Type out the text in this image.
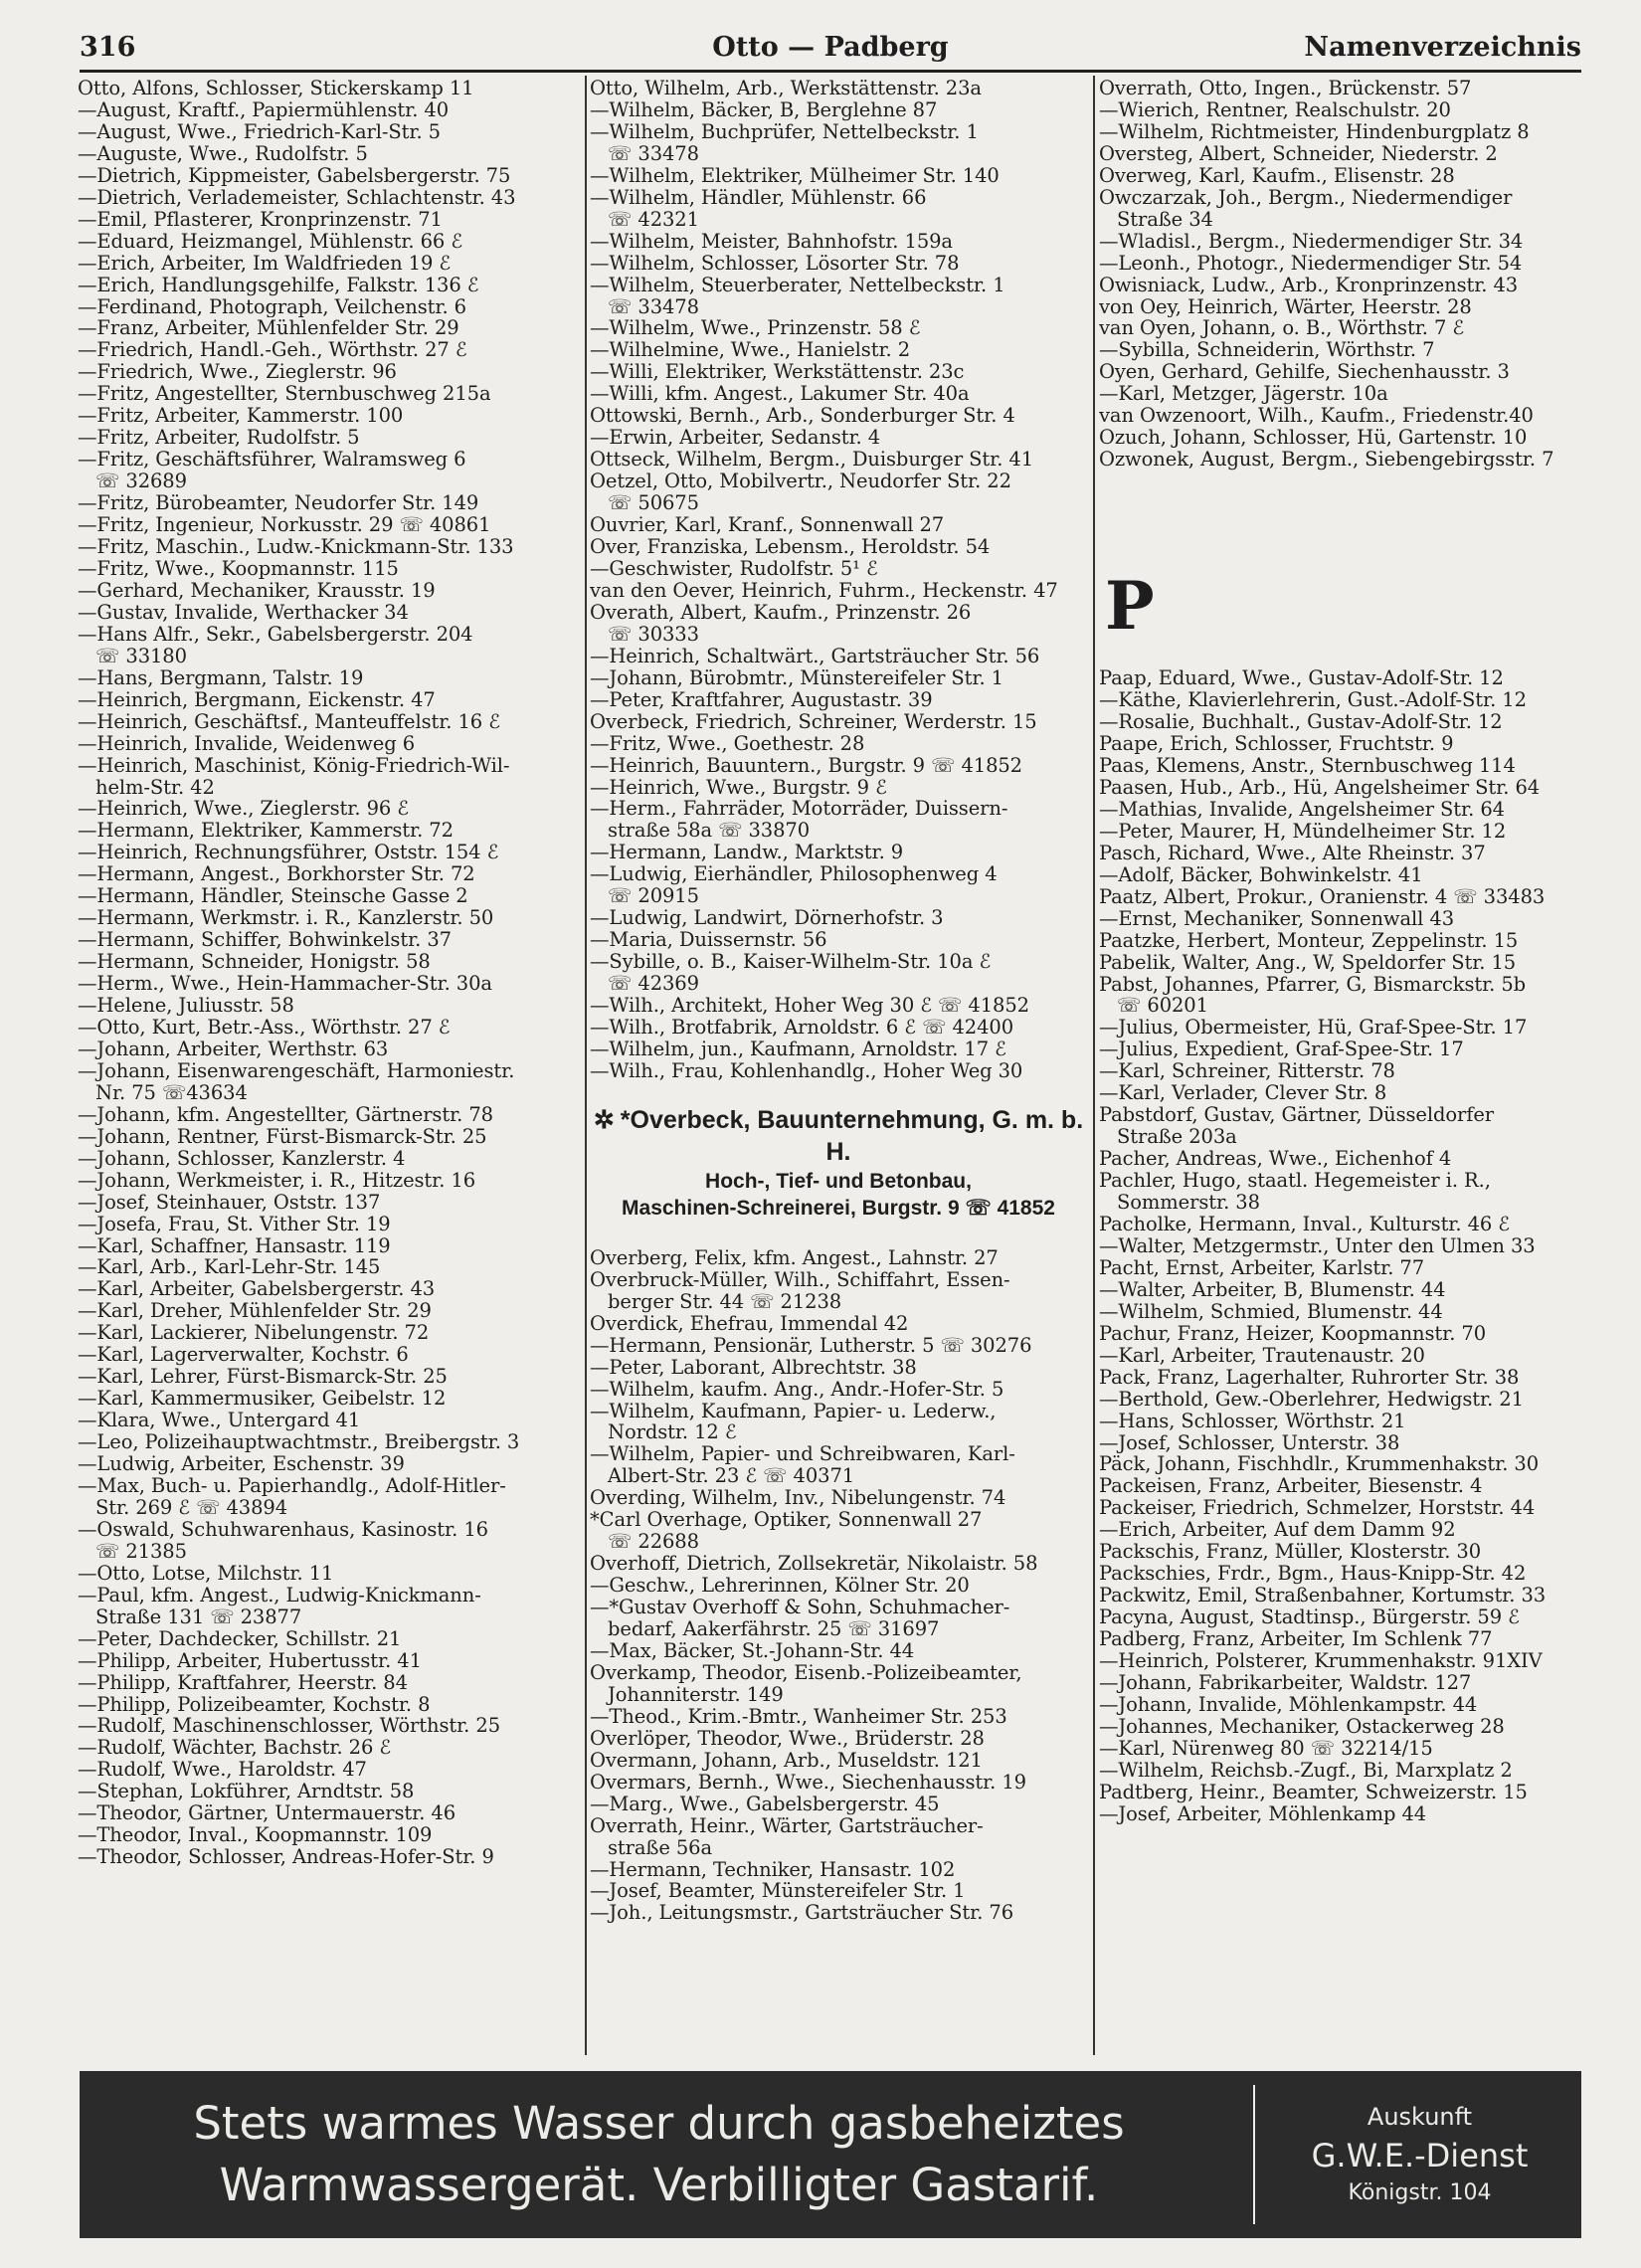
316	Otto — Padberg	Namenverzeichnis
Otto, Alfons, Schlosser, Stickerskamp 11
—August, Kraftf., Papiermühlenstr. 40
—August, Wwe., Friedrich-Karl-Str. 5
—Auguste, Wwe., Rudolfstr. 5
—Dietrich, Kippmeister, Gabelsbergerstr. 75
—Dietrich, Verlademeister, Schlachtenstr. 43
—Emil, Pflasterer, Kronprinzenstr. 71
—Eduard, Heizmangel, Mühlenstr. 66 ℰ
—Erich, Arbeiter, Im Waldfrieden 19 ℰ
—Erich, Handlungsgehilfe, Falkstr. 136 ℰ
—Ferdinand, Photograph, Veilchenstr. 6
—Franz, Arbeiter, Mühlenfelder Str. 29
—Friedrich, Handl.-Geh., Wörthstr. 27 ℰ
—Friedrich, Wwe., Zieglerstr. 96
—Fritz, Angestellter, Sternbuschweg 215a
—Fritz, Arbeiter, Kammerstr. 100
—Fritz, Arbeiter, Rudolfstr. 5
—Fritz, Geschäftsführer, Walramsweg 6
☏ 32689
—Fritz, Bürobeamter, Neudorfer Str. 149
—Fritz, Ingenieur, Norkusstr. 29 ☏ 40861
—Fritz, Maschin., Ludw.-Knickmann-Str. 133
—Fritz, Wwe., Koopmannstr. 115
—Gerhard, Mechaniker, Krausstr. 19
—Gustav, Invalide, Werthacker 34
—Hans Alfr., Sekr., Gabelsbergerstr. 204
☏ 33180
—Hans, Bergmann, Talstr. 19
—Heinrich, Bergmann, Eickenstr. 47
—Heinrich, Geschäftsf., Manteuffelstr. 16 ℰ
—Heinrich, Invalide, Weidenweg 6
—Heinrich, Maschinist, König-Friedrich-Wil-
helm-Str. 42
—Heinrich, Wwe., Zieglerstr. 96 ℰ
—Hermann, Elektriker, Kammerstr. 72
—Heinrich, Rechnungsführer, Oststr. 154 ℰ
—Hermann, Angest., Borkhorster Str. 72
—Hermann, Händler, Steinsche Gasse 2
—Hermann, Werkmstr. i. R., Kanzlerstr. 50
—Hermann, Schiffer, Bohwinkelstr. 37
—Hermann, Schneider, Honigstr. 58
—Herm., Wwe., Hein-Hammacher-Str. 30a
—Helene, Juliusstr. 58
—Otto, Kurt, Betr.-Ass., Wörthstr. 27 ℰ
—Johann, Arbeiter, Werthstr. 63
—Johann, Eisenwarengeschäft, Harmoniestr.
Nr. 75 ☏43634
—Johann, kfm. Angestellter, Gärtnerstr. 78
—Johann, Rentner, Fürst-Bismarck-Str. 25
—Johann, Schlosser, Kanzlerstr. 4
—Johann, Werkmeister, i. R., Hitzestr. 16
—Josef, Steinhauer, Oststr. 137
—Josefa, Frau, St. Vither Str. 19
—Karl, Schaffner, Hansastr. 119
—Karl, Arb., Karl-Lehr-Str. 145
—Karl, Arbeiter, Gabelsbergerstr. 43
—Karl, Dreher, Mühlenfelder Str. 29
—Karl, Lackierer, Nibelungenstr. 72
—Karl, Lagerverwalter, Kochstr. 6
—Karl, Lehrer, Fürst-Bismarck-Str. 25
—Karl, Kammermusiker, Geibelstr. 12
—Klara, Wwe., Untergard 41
—Leo, Polizeihauptwachtmstr., Breibergstr. 3
—Ludwig, Arbeiter, Eschenstr. 39
—Max, Buch- u. Papierhandlg., Adolf-Hitler-
Str. 269 ℰ ☏ 43894
—Oswald, Schuhwarenhaus, Kasinostr. 16
☏ 21385
—Otto, Lotse, Milchstr. 11
—Paul, kfm. Angest., Ludwig-Knickmann-
Straße 131 ☏ 23877
—Peter, Dachdecker, Schillstr. 21
—Philipp, Arbeiter, Hubertusstr. 41
—Philipp, Kraftfahrer, Heerstr. 84
—Philipp, Polizeibeamter, Kochstr. 8
—Rudolf, Maschinenschlosser, Wörthstr. 25
—Rudolf, Wächter, Bachstr. 26 ℰ
—Rudolf, Wwe., Haroldstr. 47
—Stephan, Lokführer, Arndtstr. 58
—Theodor, Gärtner, Untermauerstr. 46
—Theodor, Inval., Koopmannstr. 109
—Theodor, Schlosser, Andreas-Hofer-Str. 9
Otto, Wilhelm, Arb., Werkstättenstr. 23a
—Wilhelm, Bäcker, B, Berglehne 87
—Wilhelm, Buchprüfer, Nettelbeckstr. 1
☏ 33478
—Wilhelm, Elektriker, Mülheimer Str. 140
—Wilhelm, Händler, Mühlenstr. 66
☏ 42321
—Wilhelm, Meister, Bahnhofstr. 159a
—Wilhelm, Schlosser, Lösorter Str. 78
—Wilhelm, Steuerberater, Nettelbeckstr. 1
☏ 33478
—Wilhelm, Wwe., Prinzenstr. 58 ℰ
—Wilhelmine, Wwe., Hanielstr. 2
—Willi, Elektriker, Werkstättenstr. 23c
—Willi, kfm. Angest., Lakumer Str. 40a
Ottowski, Bernh., Arb., Sonderburger Str. 4
—Erwin, Arbeiter, Sedanstr. 4
Ottseck, Wilhelm, Bergm., Duisburger Str. 41
Oetzel, Otto, Mobilvertr., Neudorfer Str. 22
☏ 50675
Ouvrier, Karl, Kranf., Sonnenwall 27
Over, Franziska, Lebensm., Heroldstr. 54
—Geschwister, Rudolfstr. 5¹ ℰ
van den Oever, Heinrich, Fuhrm., Heckenstr. 47
Overath, Albert, Kaufm., Prinzenstr. 26
☏ 30333
—Heinrich, Schaltwärt., Gartsträucher Str. 56
—Johann, Bürobmtr., Münstereifeler Str. 1
—Peter, Kraftfahrer, Augustastr. 39
Overbeck, Friedrich, Schreiner, Werderstr. 15
—Fritz, Wwe., Goethestr. 28
—Heinrich, Bauuntern., Burgstr. 9 ☏ 41852
—Heinrich, Wwe., Burgstr. 9 ℰ
—Herm., Fahrräder, Motorräder, Duissern-
straße 58a ☏ 33870
—Hermann, Landw., Marktstr. 9
—Ludwig, Eierhändler, Philosophenweg 4
☏ 20915
—Ludwig, Landwirt, Dörnerhofstr. 3
—Maria, Duissernstr. 56
—Sybille, o. B., Kaiser-Wilhelm-Str. 10a ℰ
☏ 42369
—Wilh., Architekt, Hoher Weg 30 ℰ ☏ 41852
—Wilh., Brotfabrik, Arnoldstr. 6 ℰ ☏ 42400
—Wilhelm, jun., Kaufmann, Arnoldstr. 17 ℰ
—Wilh., Frau, Kohlenhandlg., Hoher Weg 30
✲ *Overbeck, Bauunternehmung, G. m. b. H.
Hoch-, Tief- und Betonbau,
Maschinen-Schreinerei, Burgstr. 9 ☏ 41852
Overberg, Felix, kfm. Angest., Lahnstr. 27
Overbruck-Müller, Wilh., Schiffahrt, Essen-
berger Str. 44 ☏ 21238
Overdick, Ehefrau, Immendal 42
—Hermann, Pensionär, Lutherstr. 5 ☏ 30276
—Peter, Laborant, Albrechtstr. 38
—Wilhelm, kaufm. Ang., Andr.-Hofer-Str. 5
—Wilhelm, Kaufmann, Papier- u. Lederw.,
Nordstr. 12 ℰ
—Wilhelm, Papier- und Schreibwaren, Karl-
Albert-Str. 23 ℰ ☏ 40371
Overding, Wilhelm, Inv., Nibelungenstr. 74
*Carl Overhage, Optiker, Sonnenwall 27
☏ 22688
Overhoff, Dietrich, Zollsekretär, Nikolaistr. 58
—Geschw., Lehrerinnen, Kölner Str. 20
—*Gustav Overhoff & Sohn, Schuhmacher-
bedarf, Aakerfährstr. 25 ☏ 31697
—Max, Bäcker, St.-Johann-Str. 44
Overkamp, Theodor, Eisenb.-Polizeibeamter,
Johanniterstr. 149
—Theod., Krim.-Bmtr., Wanheimer Str. 253
Overlöper, Theodor, Wwe., Brüderstr. 28
Overmann, Johann, Arb., Museldstr. 121
Overmars, Bernh., Wwe., Siechenhausstr. 19
—Marg., Wwe., Gabelsbergerstr. 45
Overrath, Heinr., Wärter, Gartsträucher-
straße 56a
—Hermann, Techniker, Hansastr. 102
—Josef, Beamter, Münstereifeler Str. 1
—Joh., Leitungsmstr., Gartsträucher Str. 76
Overrath, Otto, Ingen., Brückenstr. 57
—Wierich, Rentner, Realschulstr. 20
—Wilhelm, Richtmeister, Hindenburgplatz 8
Oversteg, Albert, Schneider, Niederstr. 2
Overweg, Karl, Kaufm., Elisenstr. 28
Owczarzak, Joh., Bergm., Niedermendiger
Straße 34
—Wladisl., Bergm., Niedermendiger Str. 34
—Leonh., Photogr., Niedermendiger Str. 54
Owisniack, Ludw., Arb., Kronprinzenstr. 43
von Oey, Heinrich, Wärter, Heerstr. 28
van Oyen, Johann, o. B., Wörthstr. 7 ℰ
—Sybilla, Schneiderin, Wörthstr. 7
Oyen, Gerhard, Gehilfe, Siechenhausstr. 3
—Karl, Metzger, Jägerstr. 10a
van Owzenoort, Wilh., Kaufm., Friedenstr.40
Ozuch, Johann, Schlosser, Hü, Gartenstr. 10
Ozwonek, August, Bergm., Siebengebirgsstr. 7
P
Paap, Eduard, Wwe., Gustav-Adolf-Str. 12
—Käthe, Klavierlehrerin, Gust.-Adolf-Str. 12
—Rosalie, Buchhalt., Gustav-Adolf-Str. 12
Paape, Erich, Schlosser, Fruchtstr. 9
Paas, Klemens, Anstr., Sternbuschweg 114
Paasen, Hub., Arb., Hü, Angelsheimer Str. 64
—Mathias, Invalide, Angelsheimer Str. 64
—Peter, Maurer, H, Mündelheimer Str. 12
Pasch, Richard, Wwe., Alte Rheinstr. 37
—Adolf, Bäcker, Bohwinkelstr. 41
Paatz, Albert, Prokur., Oranienstr. 4 ☏ 33483
—Ernst, Mechaniker, Sonnenwall 43
Paatzke, Herbert, Monteur, Zeppelinstr. 15
Pabelik, Walter, Ang., W, Speldorfer Str. 15
Pabst, Johannes, Pfarrer, G, Bismarckstr. 5b
☏ 60201
—Julius, Obermeister, Hü, Graf-Spee-Str. 17
—Julius, Expedient, Graf-Spee-Str. 17
—Karl, Schreiner, Ritterstr. 78
—Karl, Verlader, Clever Str. 8
Pabstdorf, Gustav, Gärtner, Düsseldorfer
Straße 203a
Pacher, Andreas, Wwe., Eichenhof 4
Pachler, Hugo, staatl. Hegemeister i. R.,
Sommerstr. 38
Pacholke, Hermann, Inval., Kulturstr. 46 ℰ
—Walter, Metzgermstr., Unter den Ulmen 33
Pacht, Ernst, Arbeiter, Karlstr. 77
—Walter, Arbeiter, B, Blumenstr. 44
—Wilhelm, Schmied, Blumenstr. 44
Pachur, Franz, Heizer, Koopmannstr. 70
—Karl, Arbeiter, Trautenaustr. 20
Pack, Franz, Lagerhalter, Ruhrorter Str. 38
—Berthold, Gew.-Oberlehrer, Hedwigstr. 21
—Hans, Schlosser, Wörthstr. 21
—Josef, Schlosser, Unterstr. 38
Päck, Johann, Fischhdlr., Krummenhakstr. 30
Packeisen, Franz, Arbeiter, Biesenstr. 4
Packeiser, Friedrich, Schmelzer, Horststr. 44
—Erich, Arbeiter, Auf dem Damm 92
Packschis, Franz, Müller, Klosterstr. 30
Packschies, Frdr., Bgm., Haus-Knipp-Str. 42
Packwitz, Emil, Straßenbahner, Kortumstr. 33
Pacyna, August, Stadtinsp., Bürgerstr. 59 ℰ
Padberg, Franz, Arbeiter, Im Schlenk 77
—Heinrich, Polsterer, Krummenhakstr. 91XIV
—Johann, Fabrikarbeiter, Waldstr. 127
—Johann, Invalide, Möhlenkampstr. 44
—Johannes, Mechaniker, Ostackerweg 28
—Karl, Nürenweg 80 ☏ 32214/15
—Wilhelm, Reichsb.-Zugf., Bi, Marxplatz 2
Padtberg, Heinr., Beamter, Schweizerstr. 15
—Josef, Arbeiter, Möhlenkamp 44
Stets warmes Wasser durch gasbeheiztes
Warmwassergerät. Verbilligter Gastarif.
Auskunft
G.W.E.-Dienst
Königstr. 104
